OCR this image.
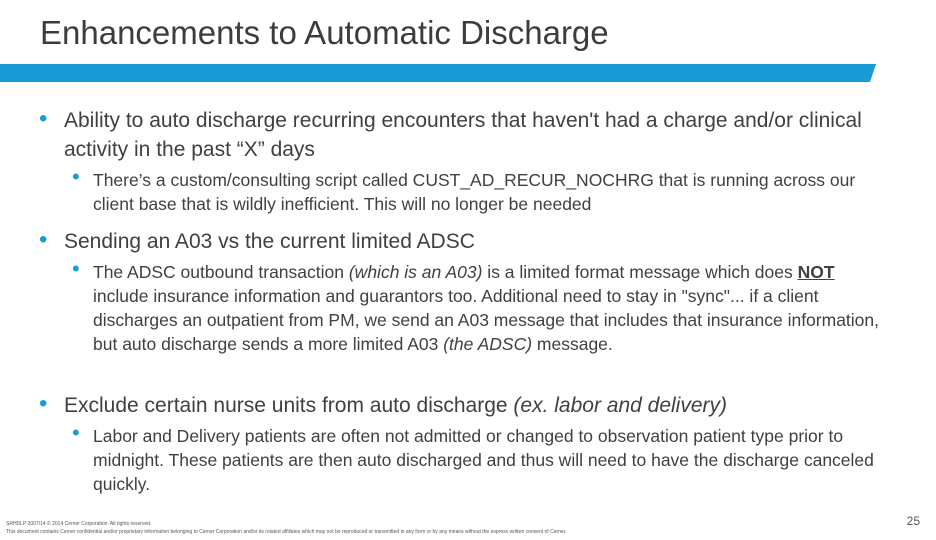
Enhancements to Automatic Discharge
• Ability to auto discharge recurring encounters that haven't had a charge and/or clinical activity in the past “X” days
• There’s a custom/consulting script called CUST_AD_RECUR_NOCHRG that is running across our client base that is wildly inefficient. This will no longer be needed
• Sending an A03 vs the current limited ADSC
• The ADSC outbound transaction (which is an A03) is a limited format message which does NOT include insurance information and guarantors too. Additional need to stay in "sync"... if a client discharges an outpatient from PM, we send an A03 message that includes that insurance information, but auto discharge sends a more limited A03 (the ADSC) message.
• Exclude certain nurse units from auto discharge (ex. labor and delivery)
• Labor and Delivery patients are often not admitted or changed to observation patient type prior to midnight. These patients are then auto discharged and thus will need to have the discharge canceled quickly.
SRHDLP 2007/14 © 2014 Cerner Corporation. All rights reserved.
This document contains Cerner confidential and/or proprietary information belonging to Cerner Corporation and/or its related affiliates which may not be reproduced or transmitted in any form or by any means without the express written consent of Cerner.
25
